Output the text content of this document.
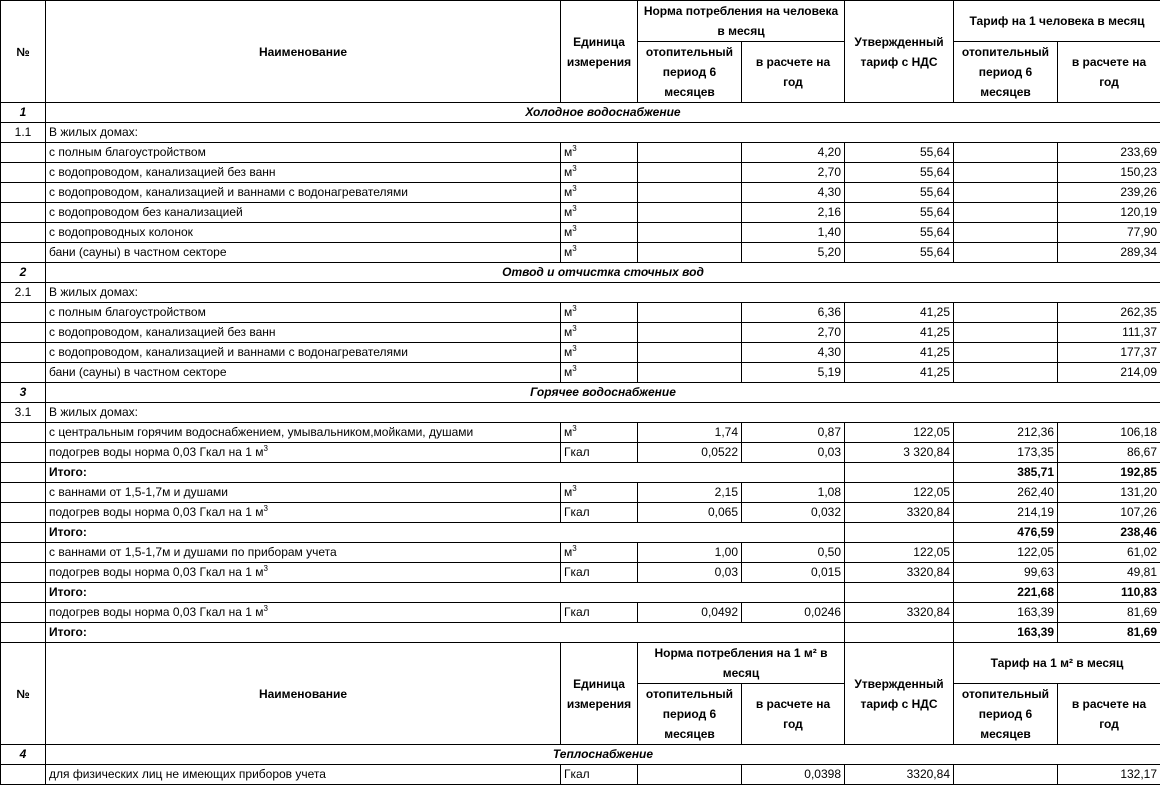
№	Наименование	Единица измерения	Норма потребления на человека в месяц		Утвержденный тариф с НДС	Тариф на 1 человека в месяц	
			отопительный период 6 месяцев	в расчете на год		отопительный период 6 месяцев	в расчете на год
1	Холодное водоснабжение						
1.1	В жилых домах:						
	с полным благоустройством	$м^3$		4,20	55,64		233,69
	с водопроводом, канализацией без ванн	$м^3$		2,70	55,64		150,23
	с водопроводом, канализацией и ваннами с водонагревателями	$м^3$		4,30	55,64		239,26
	с водопроводом без канализацией	$м^3$		2,16	55,64		120,19
	с водопроводных колонок	$м^3$		1,40	55,64		77,90
	бани (сауны) в частном секторе	$м^3$		5,20	55,64		289,34
2	Отвод и отчистка сточных вод						
2.1	В жилых домах:						
	с полным благоустройством	$м^3$		6,36	41,25		262,35
	с водопроводом, канализацией без ванн	$м^3$		2,70	41,25		111,37
	с водопроводом, канализацией и ваннами с водонагревателями	$м^3$		4,30	41,25		177,37
	бани (сауны) в частном секторе	$м^3$		5,19	41,25		214,09
3	Горячее водоснабжение						
3.1	В жилых домах:						
	с центральным горячим водоснабжением, умывальником,мойками, душами	$м^3$	1,74	0,87	122,05	212,36	106,18
	подогрев воды норма 0,03 Гкал на 1 $м^3$	Гкал	0,0522	0,03	3 320,84	173,35	86,67
	Итого:					385,71	192,85
	с ваннами от 1,5-1,7м и душами	$м^3$	2,15	1,08	122,05	262,40	131,20
	подогрев воды норма 0,03 Гкал на 1 $м^3$	Гкал	0,065	0,032	3320,84	214,19	107,26
	Итого:					476,59	238,46
	с ваннами от 1,5-1,7м и душами по приборам учета	$м^3$	1,00	0,50	122,05	122,05	61,02
	подогрев воды норма 0,03 Гкал на 1 $м^3$	Гкал	0,03	0,015	3320,84	99,63	49,81
	Итого:					221,68	110,83
	подогрев воды норма 0,03 Гкал на 1 $м^3$	Гкал	0,0492	0,0246	3320,84	163,39	81,69
	Итого:					163,39	81,69
№	Наименование	Единица измерения	Норма потребления на 1 м² в месяц		Утвержденный тариф с НДС	Тариф на 1 м² в месяц	
			отопительный период 6 месяцев	в расчете на год		отопительный период 6 месяцев	в расчете на год
4	Теплоснабжение						
	для физических лиц не имеющих приборов учета	Гкал		0,0398	3320,84		132,17
